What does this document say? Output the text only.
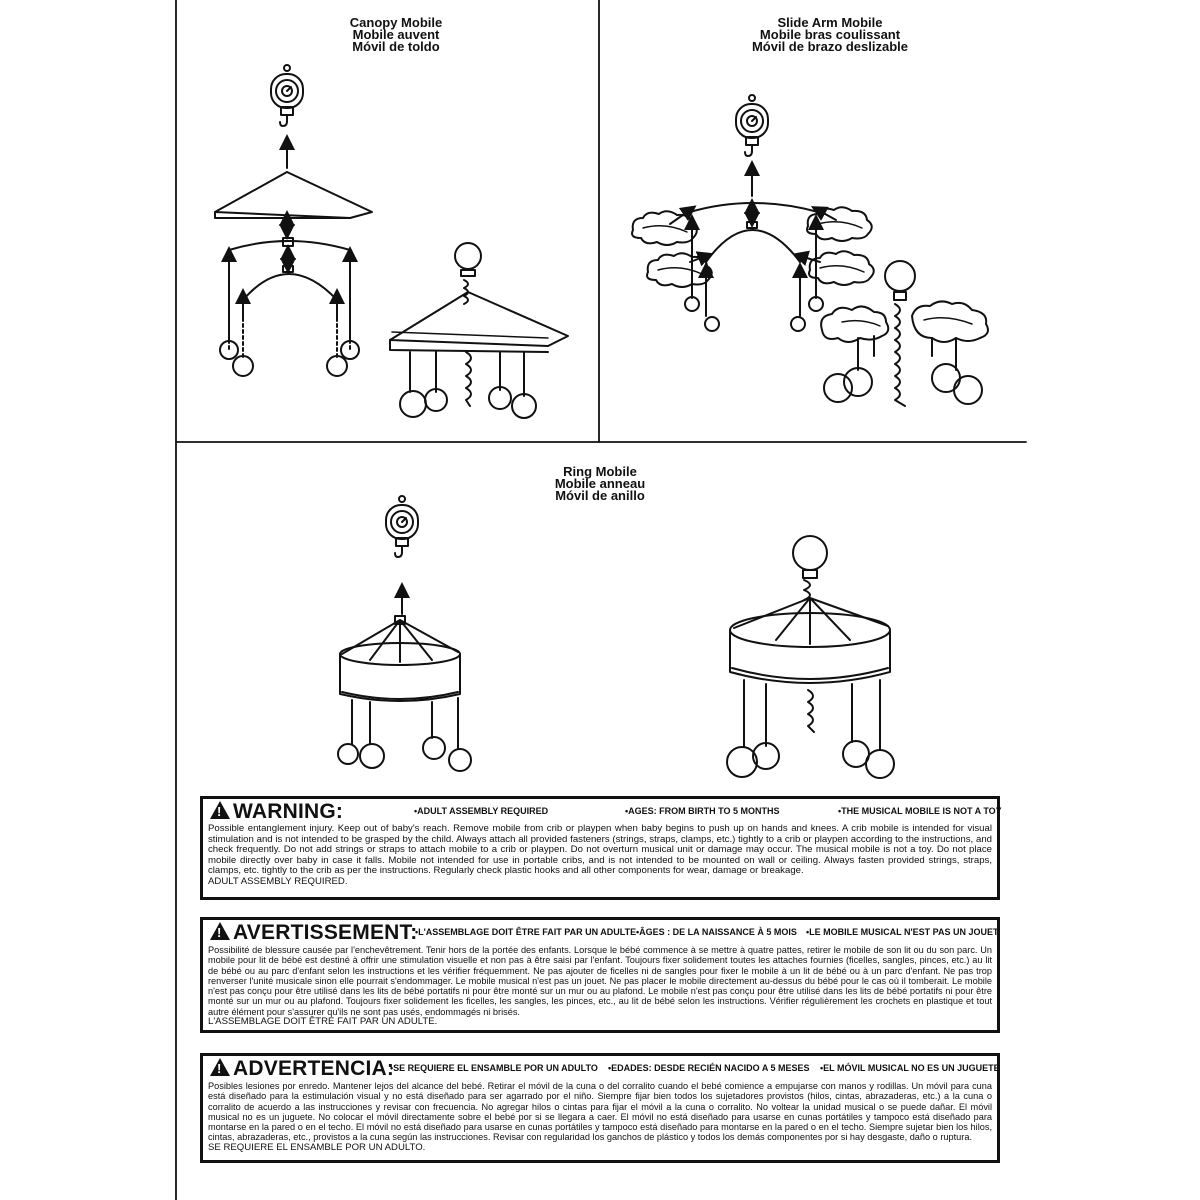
Canopy Mobile
Mobile auvent
Móvil de toldo
Slide Arm Mobile
Mobile bras coulissant
Móvil de brazo deslizable
Ring Mobile
Mobile anneau
Móvil de anillo
!WARNING:	•ADULT ASSEMBLY REQUIRED	•AGES: FROM BIRTH TO 5 MONTHS	•THE MUSICAL MOBILE IS NOT A TOY
Possible entanglement injury. Keep out of baby's reach. Remove mobile from crib or playpen when baby begins to push up on hands and knees. A crib mobile is intended for visual stimulation and is not intended to be grasped by the child. Always attach all provided fasteners (strings, straps, clamps, etc.) tightly to a crib or playpen according to the instructions, and check frequently. Do not add strings or straps to attach mobile to a crib or playpen. Do not overturn musical unit or damage may occur. The musical mobile is not a toy. Do not place mobile directly over baby in case it falls. Mobile not intended for use in portable cribs, and is not intended to be mounted on wall or ceiling. Always fasten provided strings, straps, clamps, etc. tightly to the crib as per the instructions. Regularly check plastic hooks and all other components for wear, damage or breakage.
ADULT ASSEMBLY REQUIRED.
!AVERTISSEMENT:
•L'ASSEMBLAGE DOIT ÊTRE FAIT PAR UN ADULTE •ÂGES : DE LA NAISSANCE À 5 MOIS •LE MOBILE MUSICAL N'EST PAS UN JOUET
Possibilité de blessure causée par l'enchevêtrement. Tenir hors de la portée des enfants. Lorsque le bébé commence à se mettre à quatre pattes, retirer le mobile de son lit ou du son parc. Un mobile pour lit de bébé est destiné à offrir une stimulation visuelle et non pas à être saisi par l'enfant. Toujours fixer solidement toutes les attaches fournies (ficelles, sangles, pinces, etc.) au lit de bébé ou au parc d'enfant selon les instructions et les vérifier fréquemment. Ne pas ajouter de ficelles ni de sangles pour fixer le mobile à un lit de bébé ou à un parc d'enfant. Ne pas trop renverser l'unité musicale sinon elle pourrait s'endommager. Le mobile musical n'est pas un jouet. Ne pas placer le mobile directement au-dessus du bébé pour le cas où il tomberait. Le mobile n'est pas conçu pour être utilisé dans les lits de bébé portatifs ni pour être monté sur un mur ou au plafond. Le mobile n'est pas conçu pour être utilisé dans les lits de bébé portatifs ni pour être monté sur un mur ou au plafond. Toujours fixer solidement les ficelles, les sangles, les pinces, etc., au lit de bébé selon les instructions. Vérifier régulièrement les crochets en plastique et tout autre élément pour s'assurer qu'ils ne sont pas usés, endommagés ni brisés.
L'ASSEMBLAGE DOIT ÊTRE FAIT PAR UN ADULTE.
!ADVERTENCIA:
•SE REQUIERE EL ENSAMBLE POR UN ADULTO •EDADES: DESDE RECIÉN NACIDO A 5 MESES •EL MÓVIL MUSICAL NO ES UN JUGUETE
Posibles lesiones por enredo. Mantener lejos del alcance del bebé. Retirar el móvil de la cuna o del corralito cuando el bebé comience a empujarse con manos y rodillas. Un móvil para cuna está diseñado para la estimulación visual y no está diseñado para ser agarrado por el niño. Siempre fijar bien todos los sujetadores provistos (hilos, cintas, abrazaderas, etc.) a la cuna o corralito de acuerdo a las instrucciones y revisar con frecuencia. No agregar hilos o cintas para fijar el móvil a la cuna o corralito. No voltear la unidad musical o se puede dañar. El móvil musical no es un juguete. No colocar el móvil directamente sobre el bebé por si se llegara a caer. El móvil no está diseñado para usarse en cunas portátiles y tampoco está diseñado para montarse en la pared o en el techo. El móvil no está diseñado para usarse en cunas portátiles y tampoco está diseñado para montarse en la pared o en el techo. Siempre sujetar bien los hilos, cintas, abrazaderas, etc., provistos a la cuna según las instrucciones. Revisar con regularidad los ganchos de plástico y todos los demás componentes por si hay desgaste, daño o ruptura.
SE REQUIERE EL ENSAMBLE POR UN ADULTO.
